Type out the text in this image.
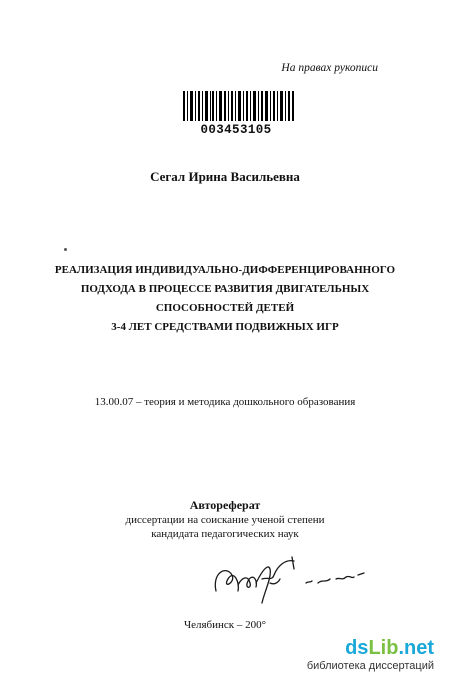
На правах рукописи
003453105
Сегал Ирина Васильевна
РЕАЛИЗАЦИЯ ИНДИВИДУАЛЬНО-ДИФФЕРЕНЦИРОВАННОГО
ПОДХОДА В ПРОЦЕССЕ РАЗВИТИЯ ДВИГАТЕЛЬНЫХ
СПОСОБНОСТЕЙ ДЕТЕЙ
3-4 ЛЕТ СРЕДСТВАМИ ПОДВИЖНЫХ ИГР
13.00.07 – теория и методика дошкольного образования
Автореферат
диссертации на соискание ученой степени
кандидата педагогических наук
Челябинск – 200°
dsLib.net
библиотека диссертаций
